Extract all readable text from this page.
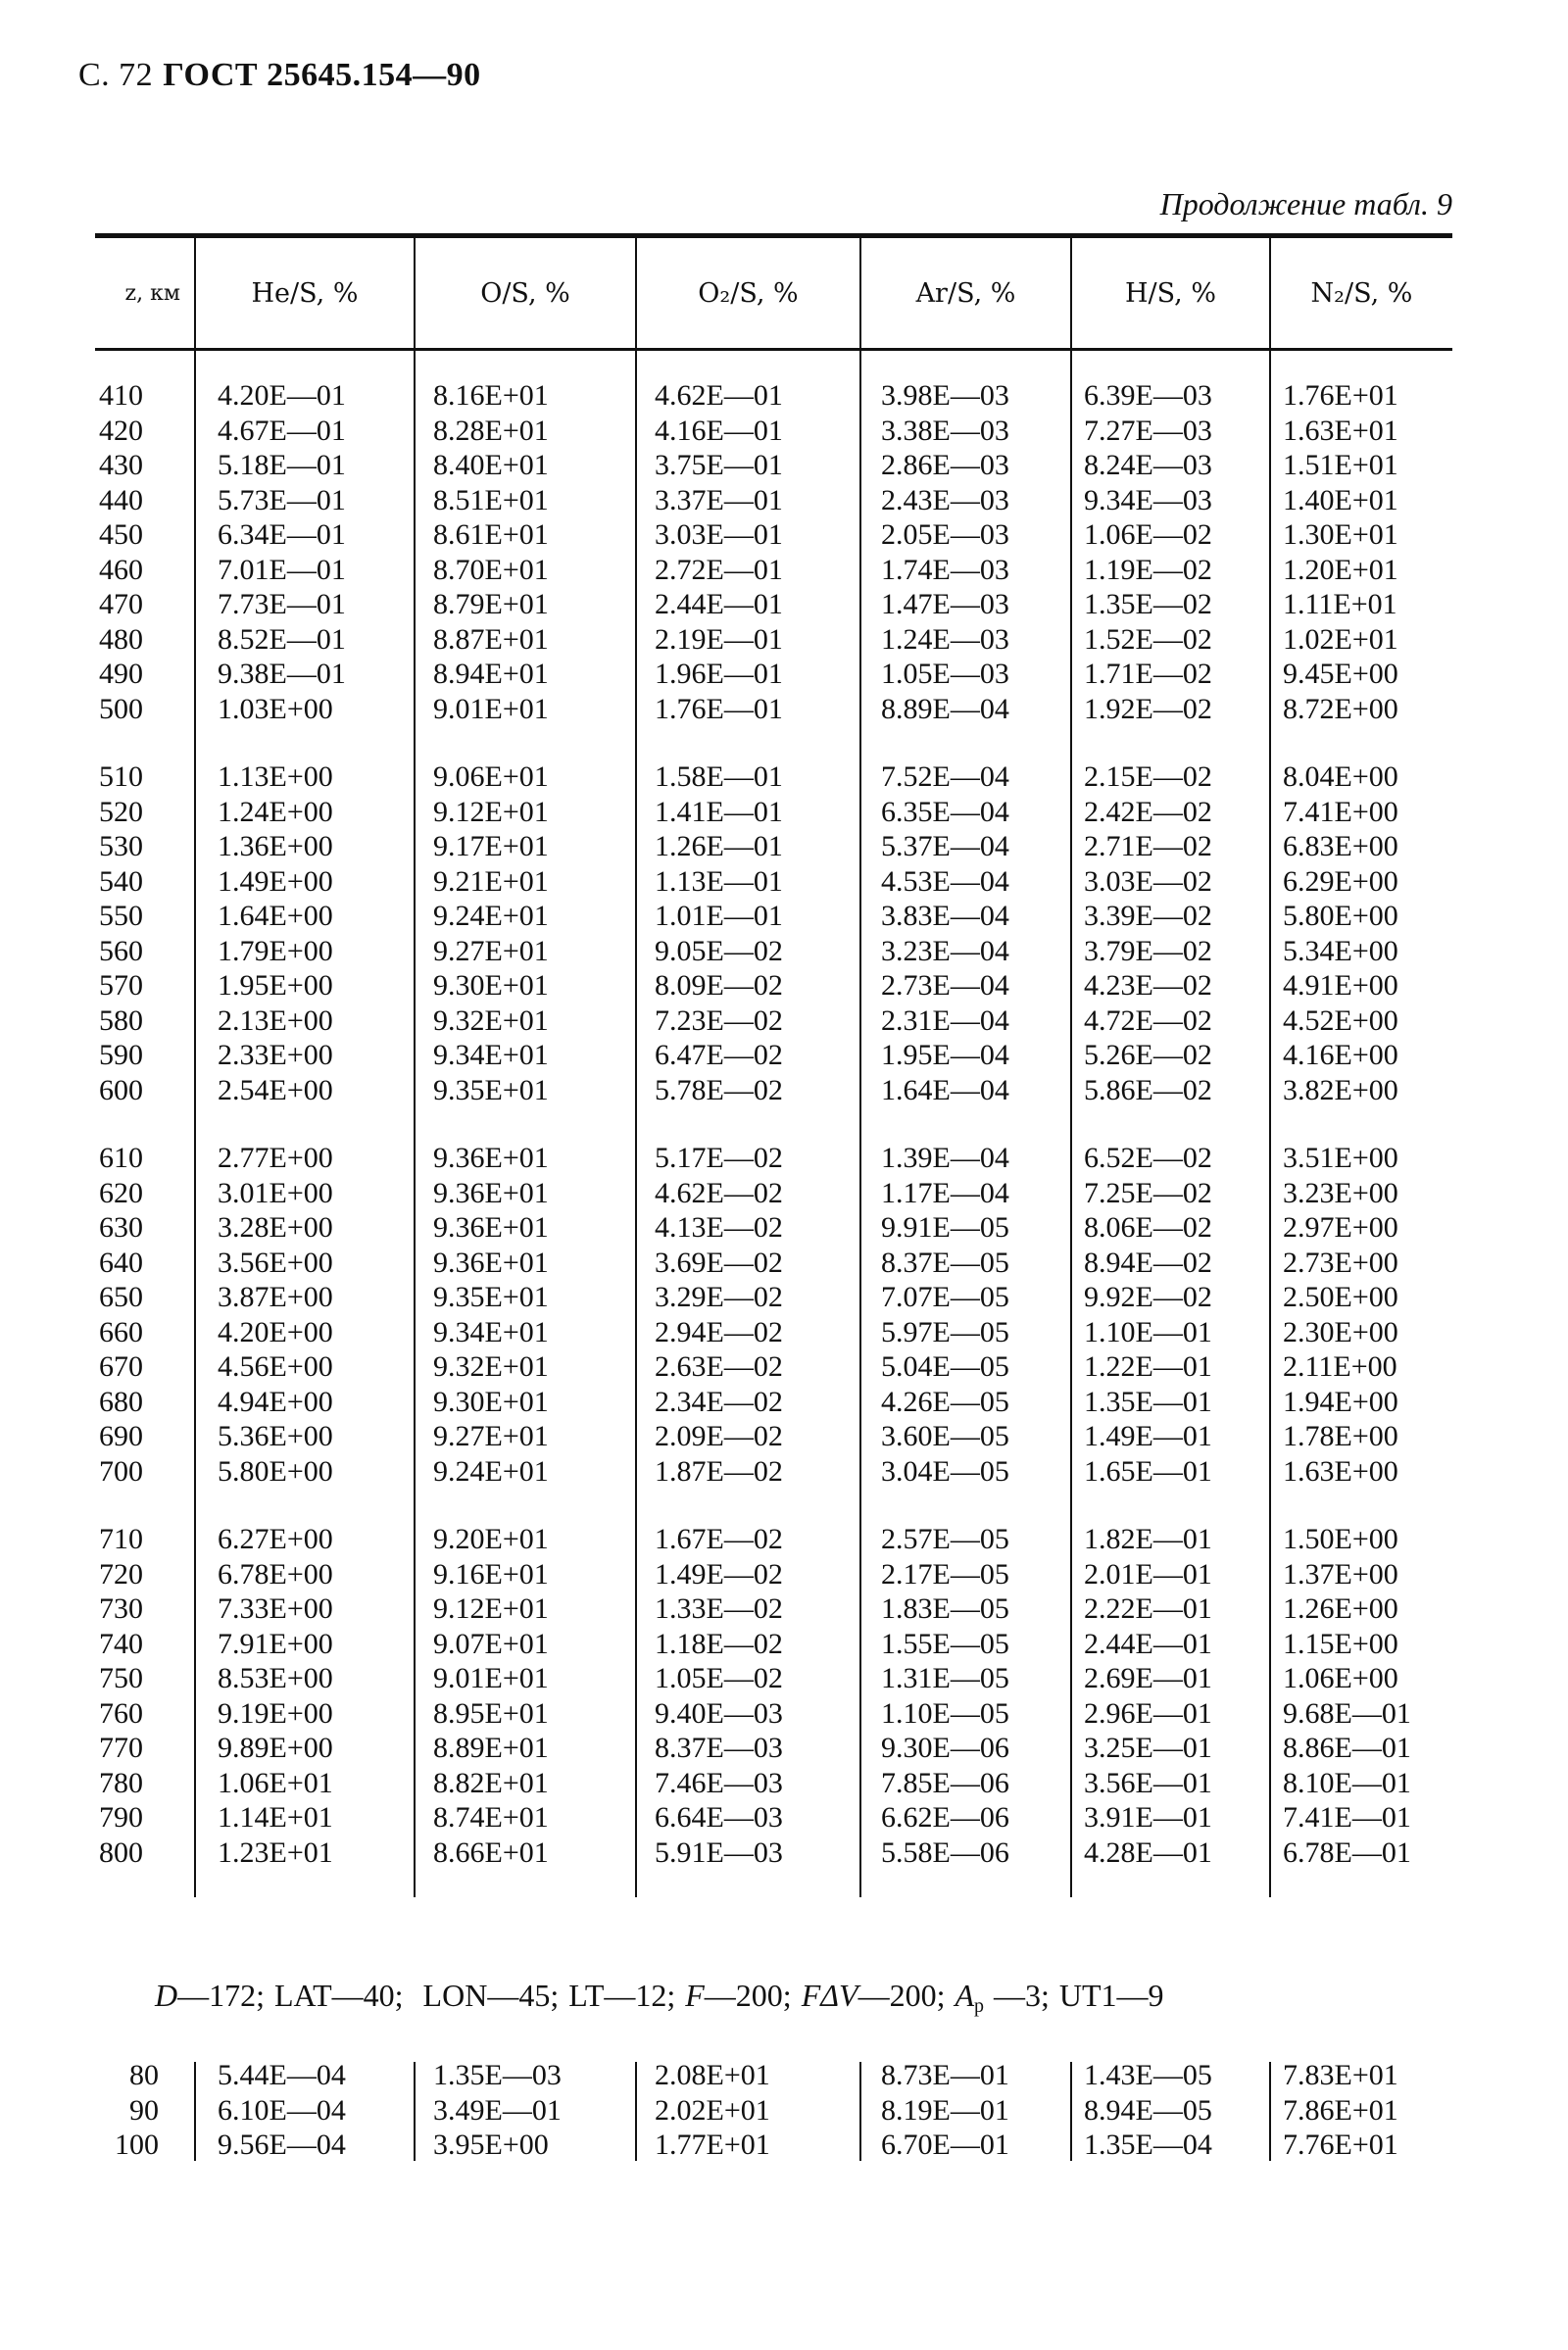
С. 72 ГОСТ 25645.154—90
Продолжение табл. 9
z, км	He/S, %	O/S, %	O₂/S, %	Ar/S, %	H/S, %	N₂/S, %
410	4.20E—01	8.16E+01	4.62E—01	3.98E—03	6.39E—03	1.76E+01
420	4.67E—01	8.28E+01	4.16E—01	3.38E—03	7.27E—03	1.63E+01
430	5.18E—01	8.40E+01	3.75E—01	2.86E—03	8.24E—03	1.51E+01
440	5.73E—01	8.51E+01	3.37E—01	2.43E—03	9.34E—03	1.40E+01
450	6.34E—01	8.61E+01	3.03E—01	2.05E—03	1.06E—02	1.30E+01
460	7.01E—01	8.70E+01	2.72E—01	1.74E—03	1.19E—02	1.20E+01
470	7.73E—01	8.79E+01	2.44E—01	1.47E—03	1.35E—02	1.11E+01
480	8.52E—01	8.87E+01	2.19E—01	1.24E—03	1.52E—02	1.02E+01
490	9.38E—01	8.94E+01	1.96E—01	1.05E—03	1.71E—02	9.45E+00
500	1.03E+00	9.01E+01	1.76E—01	8.89E—04	1.92E—02	8.72E+00
510	1.13E+00	9.06E+01	1.58E—01	7.52E—04	2.15E—02	8.04E+00
520	1.24E+00	9.12E+01	1.41E—01	6.35E—04	2.42E—02	7.41E+00
530	1.36E+00	9.17E+01	1.26E—01	5.37E—04	2.71E—02	6.83E+00
540	1.49E+00	9.21E+01	1.13E—01	4.53E—04	3.03E—02	6.29E+00
550	1.64E+00	9.24E+01	1.01E—01	3.83E—04	3.39E—02	5.80E+00
560	1.79E+00	9.27E+01	9.05E—02	3.23E—04	3.79E—02	5.34E+00
570	1.95E+00	9.30E+01	8.09E—02	2.73E—04	4.23E—02	4.91E+00
580	2.13E+00	9.32E+01	7.23E—02	2.31E—04	4.72E—02	4.52E+00
590	2.33E+00	9.34E+01	6.47E—02	1.95E—04	5.26E—02	4.16E+00
600	2.54E+00	9.35E+01	5.78E—02	1.64E—04	5.86E—02	3.82E+00
610	2.77E+00	9.36E+01	5.17E—02	1.39E—04	6.52E—02	3.51E+00
620	3.01E+00	9.36E+01	4.62E—02	1.17E—04	7.25E—02	3.23E+00
630	3.28E+00	9.36E+01	4.13E—02	9.91E—05	8.06E—02	2.97E+00
640	3.56E+00	9.36E+01	3.69E—02	8.37E—05	8.94E—02	2.73E+00
650	3.87E+00	9.35E+01	3.29E—02	7.07E—05	9.92E—02	2.50E+00
660	4.20E+00	9.34E+01	2.94E—02	5.97E—05	1.10E—01	2.30E+00
670	4.56E+00	9.32E+01	2.63E—02	5.04E—05	1.22E—01	2.11E+00
680	4.94E+00	9.30E+01	2.34E—02	4.26E—05	1.35E—01	1.94E+00
690	5.36E+00	9.27E+01	2.09E—02	3.60E—05	1.49E—01	1.78E+00
700	5.80E+00	9.24E+01	1.87E—02	3.04E—05	1.65E—01	1.63E+00
710	6.27E+00	9.20E+01	1.67E—02	2.57E—05	1.82E—01	1.50E+00
720	6.78E+00	9.16E+01	1.49E—02	2.17E—05	2.01E—01	1.37E+00
730	7.33E+00	9.12E+01	1.33E—02	1.83E—05	2.22E—01	1.26E+00
740	7.91E+00	9.07E+01	1.18E—02	1.55E—05	2.44E—01	1.15E+00
750	8.53E+00	9.01E+01	1.05E—02	1.31E—05	2.69E—01	1.06E+00
760	9.19E+00	8.95E+01	9.40E—03	1.10E—05	2.96E—01	9.68E—01
770	9.89E+00	8.89E+01	8.37E—03	9.30E—06	3.25E—01	8.86E—01
780	1.06E+01	8.82E+01	7.46E—03	7.85E—06	3.56E—01	8.10E—01
790	1.14E+01	8.74E+01	6.64E—03	6.62E—06	3.91E—01	7.41E—01
800	1.23E+01	8.66E+01	5.91E—03	5.58E—06	4.28E—01	6.78E—01
D—172; LAT—40; LON—45; LT—12; F—200; FΔV—200; $A_p$ —3; UT1—9
80	5.44E—04	1.35E—03	2.08E+01	8.73E—01	1.43E—05	7.83E+01
90	6.10E—04	3.49E—01	2.02E+01	8.19E—01	8.94E—05	7.86E+01
100	9.56E—04	3.95E+00	1.77E+01	6.70E—01	1.35E—04	7.76E+01
